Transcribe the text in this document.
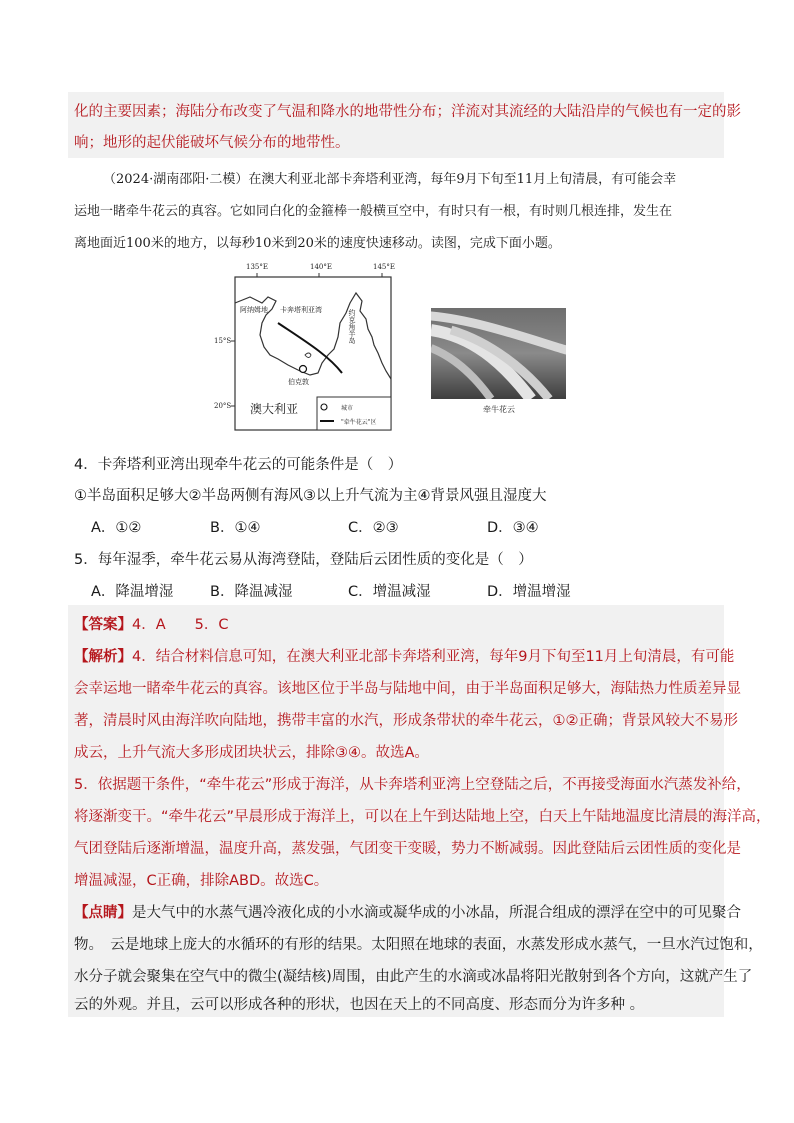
化的主要因素；海陆分布改变了气温和降水的地带性分布；洋流对其流经的大陆沿岸的气候也有一定的影
响；地形的起伏能破坏气候分布的地带性。
（2024·湖南邵阳·二模）在澳大利亚北部卡奔塔利亚湾，每年9月下旬至11月上旬清晨，有可能会幸
运地一睹牵牛花云的真容。它如同白化的金箍棒一般横亘空中，有时只有一根，有时则几根连排，发生在
离地面近100米的地方，以每秒10米到20米的速度快速移动。读图，完成下面小题。
135°E	140°E	145°E
15°S
20°S
阿纳姆地 卡奔塔利亚湾	约克角半岛
伯克敦
澳大利亚	城市
"牵牛花云"区
牵牛花云
4．卡奔塔利亚湾出现牵牛花云的可能条件是（　）
①半岛面积足够大②半岛两侧有海风③以上升气流为主④背景风强且湿度大
A．①②	B．①④	C．②③	D．③④
5．每年湿季，牵牛花云易从海湾登陆，登陆后云团性质的变化是（　）
A．降温增湿	B．降温减湿	C．增温减湿	D．增温增湿
【答案】4．A　　5．C
【解析】4．结合材料信息可知，在澳大利亚北部卡奔塔利亚湾，每年9月下旬至11月上旬清晨，有可能
会幸运地一睹牵牛花云的真容。该地区位于半岛与陆地中间，由于半岛面积足够大，海陆热力性质差异显
著，清晨时风由海洋吹向陆地，携带丰富的水汽，形成条带状的牵牛花云，①②正确；背景风较大不易形
成云，上升气流大多形成团块状云，排除③④。故选A。
5．依据题干条件，“牵牛花云”形成于海洋，从卡奔塔利亚湾上空登陆之后，不再接受海面水汽蒸发补给，
将逐渐变干。“牵牛花云”早晨形成于海洋上，可以在上午到达陆地上空，白天上午陆地温度比清晨的海洋高，
气团登陆后逐渐增温，温度升高，蒸发强，气团变干变暖，势力不断减弱。因此登陆后云团性质的变化是
增温减湿，C正确，排除ABD。故选C。
【点睛】是大气中的水蒸气遇冷液化成的小水滴或凝华成的小冰晶，所混合组成的漂浮在空中的可见聚合
物。　云是地球上庞大的水循环的有形的结果。太阳照在地球的表面，水蒸发形成水蒸气，一旦水汽过饱和，
水分子就会聚集在空气中的微尘(凝结核)周围，由此产生的水滴或冰晶将阳光散射到各个方向，这就产生了
云的外观。并且，云可以形成各种的形状，也因在天上的不同高度、形态而分为许多种 。
